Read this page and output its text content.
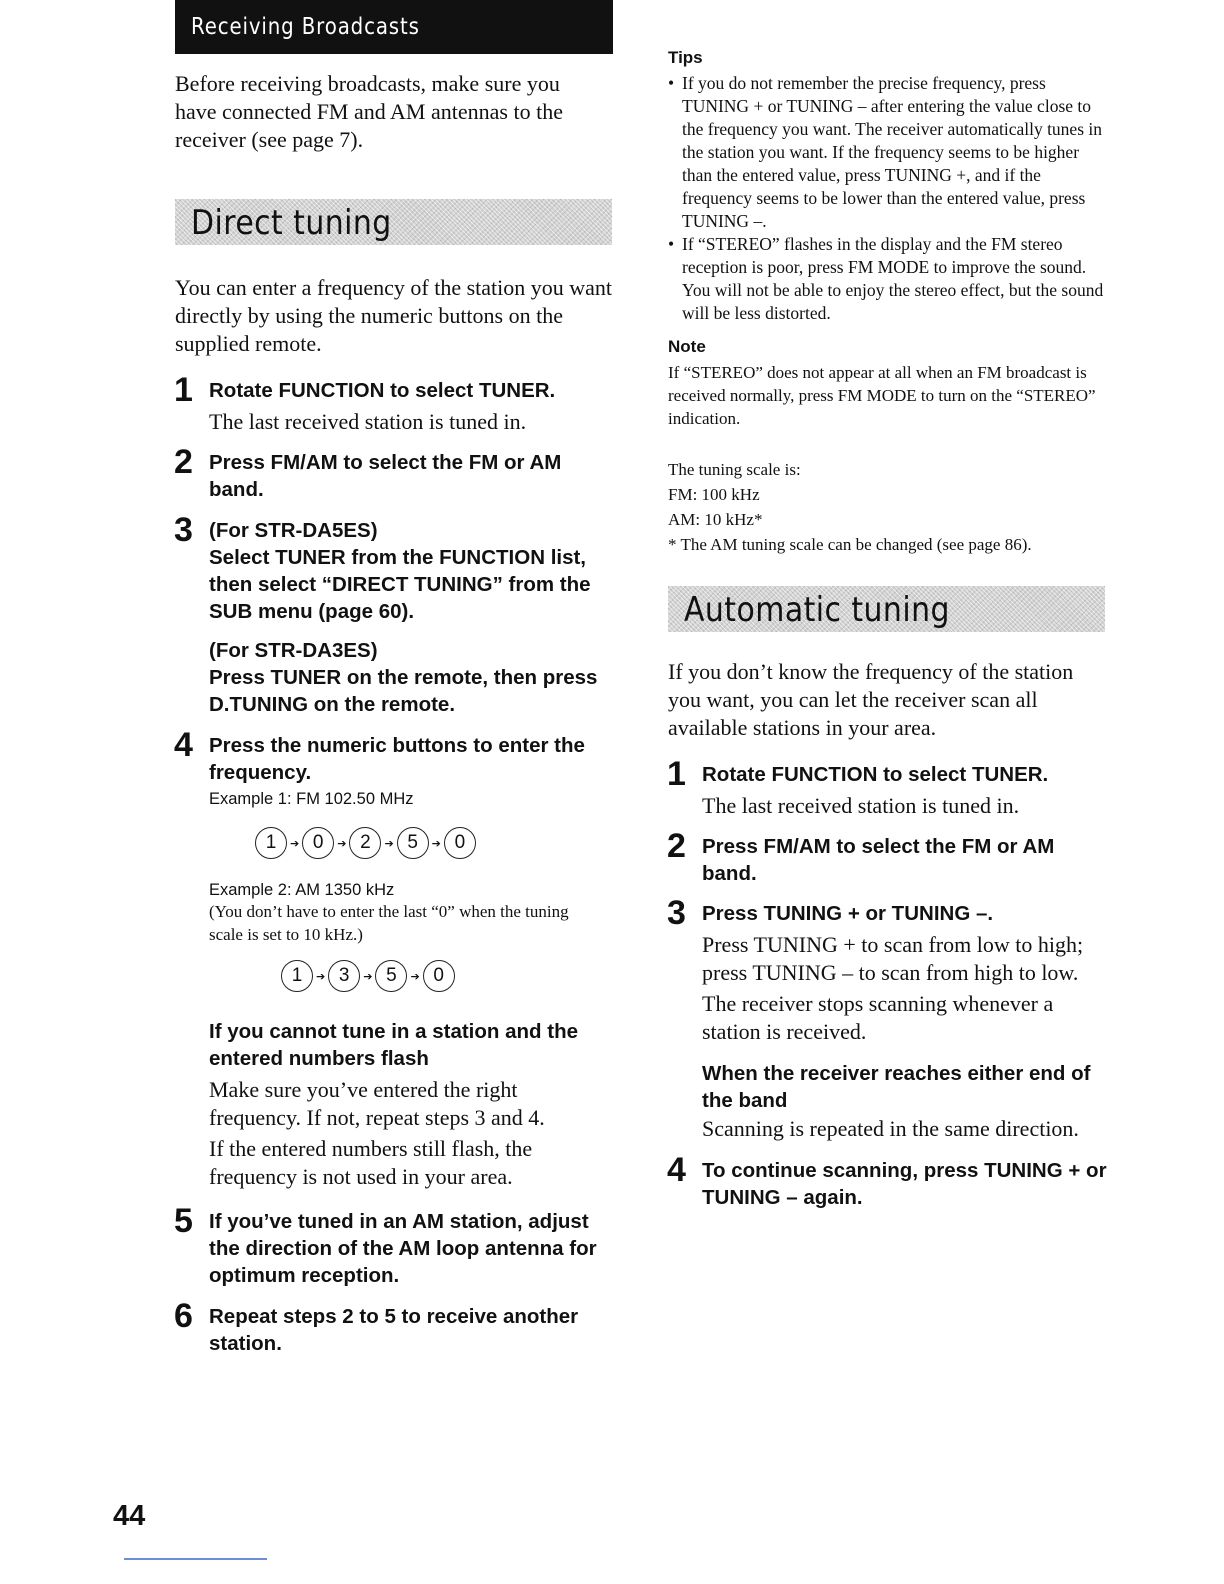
Receiving Broadcasts

Before receiving broadcasts, make sure you have connected FM and AM antennas to the receiver (see page 7).

Direct tuning

You can enter a frequency of the station you want directly by using the numeric buttons on the supplied remote.

1 Rotate FUNCTION to select TUNER.

The last received station is tuned in.

2 Press FM/AM to select the FM or AM band.

3 (For STR-DA5ES)

Select TUNER from the FUNCTION list, then select “DIRECT TUNING” from the SUB menu (page 60).

(For STR-DA3ES)

Press TUNER on the remote, then press D.TUNING on the remote.

4 Press the numeric buttons to enter the frequency.

Example 1: FM 102.50 MHz

1	➔ 0	➔ 2	➔ 5	➔ 0

Example 2: AM 1350 kHz

(You don’t have to enter the last “0” when the tuning scale is set to 10 kHz.)

1	➔ 3	➔ 5	➔ 0

If you cannot tune in a station and the entered numbers flash

Make sure you’ve entered the right frequency. If not, repeat steps 3 and 4.

If the entered numbers still flash, the frequency is not used in your area.

5 If you’ve tuned in an AM station, adjust the direction of the AM loop antenna for optimum reception.

6 Repeat steps 2 to 5 to receive another station.

Tips

• If you do not remember the precise frequency, press TUNING + or TUNING – after entering the value close to the frequency you want. The receiver automatically tunes in the station you want. If the frequency seems to be higher than the entered value, press TUNING +, and if the frequency seems to be lower than the entered value, press TUNING –.
• If “STEREO” flashes in the display and the FM stereo reception is poor, press FM MODE to improve the sound. You will not be able to enjoy the stereo effect, but the sound will be less distorted.

Note

If “STEREO” does not appear at all when an FM broadcast is received normally, press FM MODE to turn on the “STEREO” indication.

The tuning scale is:

FM: 100 kHz

AM: 10 kHz*

* The AM tuning scale can be changed (see page 86).

Automatic tuning

If you don’t know the frequency of the station you want, you can let the receiver scan all available stations in your area.

1 Rotate FUNCTION to select TUNER.

The last received station is tuned in.

2 Press FM/AM to select the FM or AM band.

3 Press TUNING + or TUNING –.

Press TUNING + to scan from low to high; press TUNING – to scan from high to low.

The receiver stops scanning whenever a station is received.

When the receiver reaches either end of the band

Scanning is repeated in the same direction.

4 To continue scanning, press TUNING + or TUNING – again.

44
